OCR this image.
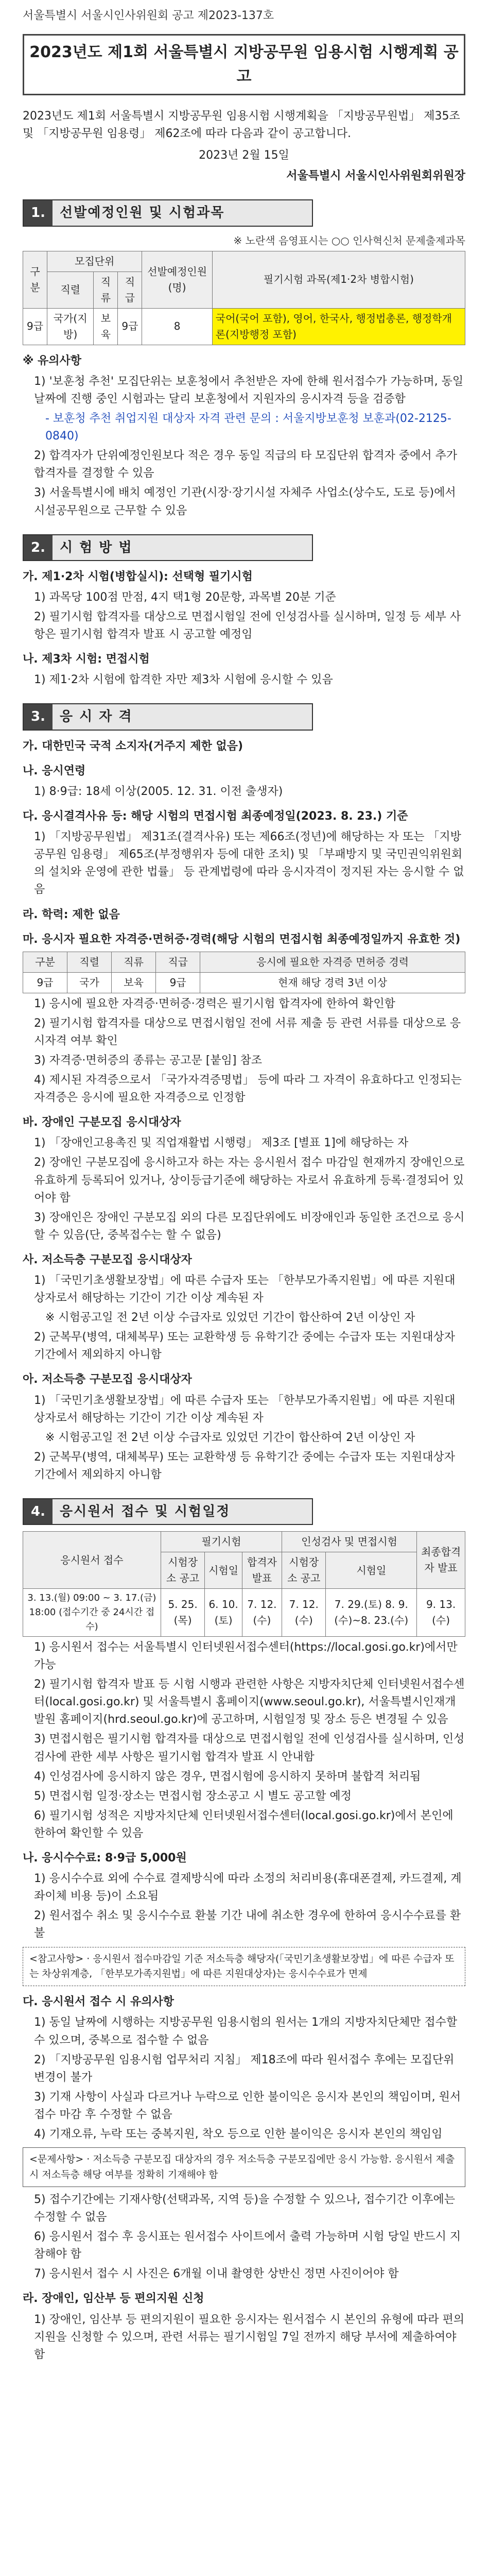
서울특별시 서울시인사위원회 공고 제2023-137호
2023년도 제1회 서울특별시 지방공무원 임용시험 시행계획 공고

2023년도 제1회 서울특별시 지방공무원 임용시험 시행계획을 「지방공무원법」 제35조 및 「지방공무원 임용령」 제62조에 따라 다음과 같이 공고합니다.

2023년 2월 15일
서울특별시 서울시인사위원회위원장
1.	선발예정인원 및 시험과목

※ 노란색 음영표시는 ○○ 인사혁신처 문제출제과목

구분	모집단위			선발예정인원(명)	필기시험 과목(제1·2차 병합시험)
	직렬	직류	직급		
9급	국가(지방)	보육	9급	8	국어(국어 포함), 영어, 한국사, 행정법총론, 행정학개론(지방행정 포함)

※ 유의사항

1) '보훈청 추천' 모집단위는 보훈청에서 추천받은 자에 한해 원서접수가 가능하며, 동일 날짜에 진행 중인 시험과는 달리 보훈청에서 지원자의 응시자격 등을 검증함

- 보훈청 추천 취업지원 대상자 자격 관련 문의 : 서울지방보훈청 보훈과(02-2125-0840)

2) 합격자가 단위예정인원보다 적은 경우 동일 직급의 타 모집단위 합격자 중에서 추가 합격자를 결정할 수 있음

3) 서울특별시에 배치 예정인 기관(시장·장기시설 자체주 사업소(상수도, 도로 등)에서 시설공무원으로 근무할 수 있음

2.	시 험 방 법

가. 제1·2차 시험(병합실시): 선택형 필기시험

1) 과목당 100점 만점, 4지 택1형 20문항, 과목별 20분 기준

2) 필기시험 합격자를 대상으로 면접시험일 전에 인성검사를 실시하며, 일정 등 세부 사항은 필기시험 합격자 발표 시 공고할 예정임

나. 제3차 시험: 면접시험

1) 제1·2차 시험에 합격한 자만 제3차 시험에 응시할 수 있음

3.	응 시 자 격

가. 대한민국 국적 소지자(거주지 제한 없음)

나. 응시연령

1) 8·9급: 18세 이상(2005. 12. 31. 이전 출생자)

다. 응시결격사유 등: 해당 시험의 면접시험 최종예정일(2023. 8. 23.) 기준

1) 「지방공무원법」 제31조(결격사유) 또는 제66조(정년)에 해당하는 자 또는 「지방공무원 임용령」 제65조(부정행위자 등에 대한 조치) 및 「부패방지 및 국민권익위원회의 설치와 운영에 관한 법률」 등 관계법령에 따라 응시자격이 정지된 자는 응시할 수 없음

라. 학력: 제한 없음

마. 응시자 필요한 자격증·면허증·경력(해당 시험의 면접시험 최종예정일까지 유효한 것)

구분	직렬	직류	직급	응시에 필요한 자격증 면허증 경력
9급	국가	보육	9급	현재 해당 경력 3년 이상

1) 응시에 필요한 자격증·면허증·경력은 필기시험 합격자에 한하여 확인함

2) 필기시험 합격자를 대상으로 면접시험일 전에 서류 제출 등 관련 서류를 대상으로 응시자격 여부 확인

3) 자격증·면허증의 종류는 공고문 [붙임] 참조

4) 제시된 자격증으로서 「국가자격증명법」 등에 따라 그 자격이 유효하다고 인정되는 자격증은 응시에 필요한 자격증으로 인정함

바. 장애인 구분모집 응시대상자

1) 「장애인고용촉진 및 직업재활법 시행령」 제3조 [별표 1]에 해당하는 자

2) 장애인 구분모집에 응시하고자 하는 자는 응시원서 접수 마감일 현재까지 장애인으로 유효하게 등록되어 있거나, 상이등급기준에 해당하는 자로서 유효하게 등록·결정되어 있어야 함

3) 장애인은 장애인 구분모집 외의 다른 모집단위에도 비장애인과 동일한 조건으로 응시할 수 있음(단, 중복접수는 할 수 없음)

사. 저소득층 구분모집 응시대상자

1) 「국민기초생활보장법」에 따른 수급자 또는 「한부모가족지원법」에 따른 지원대상자로서 해당하는 기간이 기간 이상 계속된 자

※ 시험공고일 전 2년 이상 수급자로 있었던 기간이 합산하여 2년 이상인 자

2) 군복무(병역, 대체복무) 또는 교환학생 등 유학기간 중에는 수급자 또는 지원대상자 기간에서 제외하지 아니함

아. 저소득층 구분모집 응시대상자

1) 「국민기초생활보장법」에 따른 수급자 또는 「한부모가족지원법」에 따른 지원대상자로서 해당하는 기간이 기간 이상 계속된 자

※ 시험공고일 전 2년 이상 수급자로 있었던 기간이 합산하여 2년 이상인 자

2) 군복무(병역, 대체복무) 또는 교환학생 등 유학기간 중에는 수급자 또는 지원대상자 기간에서 제외하지 아니함

4.	응시원서 접수 및 시험일정
응시원서 접수	필기시험			인성검사 및 면접시험		최종합격자 발표
	시험장소 공고	시험일	합격자 발표	시험장소 공고	시험일	
3. 13.(월) 09:00 ~ 3. 17.(금) 18:00 (접수기간 중 24시간 접수)	5. 25.(목)	6. 10.(토)	7. 12.(수)	7. 12.(수)	7. 29.(토) 8. 9.(수)~8. 23.(수)	9. 13.(수)

1) 응시원서 접수는 서울특별시 인터넷원서접수센터(https://local.gosi.go.kr)에서만 가능

2) 필기시험 합격자 발표 등 시험 시행과 관련한 사항은 지방자치단체 인터넷원서접수센터(local.gosi.go.kr) 및 서울특별시 홈페이지(www.seoul.go.kr), 서울특별시인재개발원 홈페이지(hrd.seoul.go.kr)에 공고하며, 시험일정 및 장소 등은 변경될 수 있음

3) 면접시험은 필기시험 합격자를 대상으로 면접시험일 전에 인성검사를 실시하며, 인성검사에 관한 세부 사항은 필기시험 합격자 발표 시 안내함

4) 인성검사에 응시하지 않은 경우, 면접시험에 응시하지 못하며 불합격 처리됨

5) 면접시험 일정·장소는 면접시험 장소공고 시 별도 공고할 예정

6) 필기시험 성적은 지방자치단체 인터넷원서접수센터(local.gosi.go.kr)에서 본인에 한하여 확인할 수 있음

나. 응시수수료: 8·9급 5,000원

1) 응시수수료 외에 수수료 결제방식에 따라 소정의 처리비용(휴대폰결제, 카드결제, 계좌이체 비용 등)이 소요됨

2) 원서접수 취소 및 응시수수료 환불 기간 내에 취소한 경우에 한하여 응시수수료를 환불

<참고사항> · 응시원서 접수마감일 기준 저소득층 해당자(「국민기초생활보장법」에 따른 수급자 또는 차상위계층, 「한부모가족지원법」에 따른 지원대상자)는 응시수수료가 면제

다. 응시원서 접수 시 유의사항

1) 동일 날짜에 시행하는 지방공무원 임용시험의 원서는 1개의 지방자치단체만 접수할 수 있으며, 중복으로 접수할 수 없음

2) 「지방공무원 임용시험 업무처리 지침」 제18조에 따라 원서접수 후에는 모집단위 변경이 불가

3) 기재 사항이 사실과 다르거나 누락으로 인한 불이익은 응시자 본인의 책임이며, 원서 접수 마감 후 수정할 수 없음

4) 기재오류, 누락 또는 중복지원, 착오 등으로 인한 불이익은 응시자 본인의 책임임

<문제사항> · 저소득층 구분모집 대상자의 경우 저소득층 구분모집에만 응시 가능함. 응시원서 제출 시 저소득층 해당 여부를 정확히 기재해야 함

5) 접수기간에는 기재사항(선택과목, 지역 등)을 수정할 수 있으나, 접수기간 이후에는 수정할 수 없음

6) 응시원서 접수 후 응시표는 원서접수 사이트에서 출력 가능하며 시험 당일 반드시 지참해야 함

7) 응시원서 접수 시 사진은 6개월 이내 촬영한 상반신 정면 사진이어야 함

라. 장애인, 임산부 등 편의지원 신청

1) 장애인, 임산부 등 편의지원이 필요한 응시자는 원서접수 시 본인의 유형에 따라 편의지원을 신청할 수 있으며, 관련 서류는 필기시험일 7일 전까지 해당 부서에 제출하여야 함
